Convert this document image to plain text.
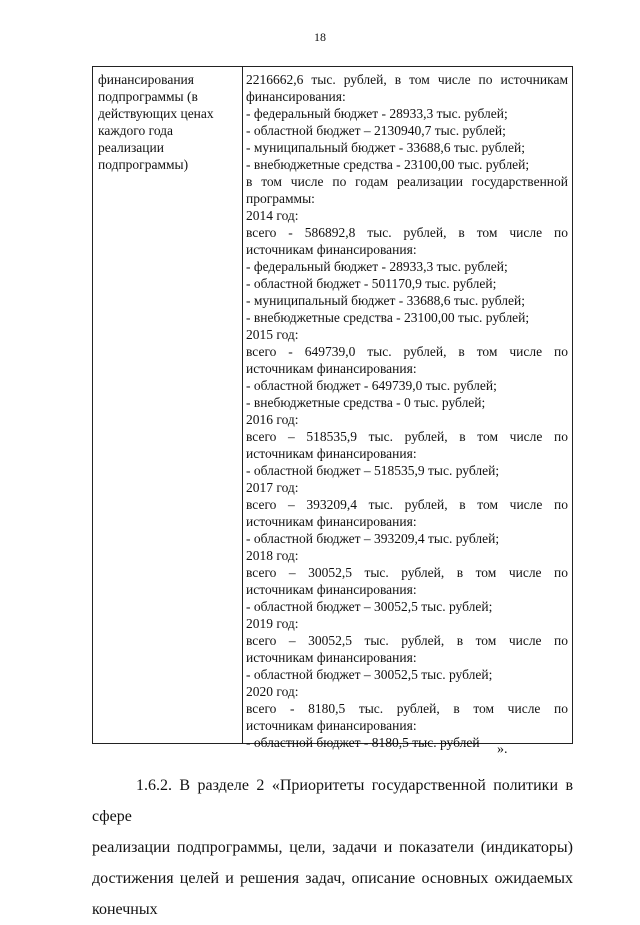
18
финансирования
подпрограммы (в
действующих ценах
каждого года
реализации
подпрограммы)
2216662,6 тыс. рублей, в том числе по источникам
финансирования:
- федеральный бюджет - 28933,3 тыс. рублей;
- областной бюджет – 2130940,7 тыс. рублей;
- муниципальный бюджет - 33688,6 тыс. рублей;
- внебюджетные средства - 23100,00 тыс. рублей;
в том числе по годам реализации государственной
программы:
2014 год:
всего - 586892,8 тыс. рублей, в том числе по
источникам финансирования:
- федеральный бюджет - 28933,3 тыс. рублей;
- областной бюджет - 501170,9 тыс. рублей;
- муниципальный бюджет - 33688,6 тыс. рублей;
- внебюджетные средства - 23100,00 тыс. рублей;
2015 год:
всего - 649739,0 тыс. рублей, в том числе по
источникам финансирования:
- областной бюджет - 649739,0 тыс. рублей;
- внебюджетные средства - 0 тыс. рублей;
2016 год:
всего – 518535,9 тыс. рублей, в том числе по
источникам финансирования:
- областной бюджет – 518535,9 тыс. рублей;
2017 год:
всего – 393209,4 тыс. рублей, в том числе по
источникам финансирования:
- областной бюджет – 393209,4 тыс. рублей;
2018 год:
всего – 30052,5 тыс. рублей, в том числе по
источникам финансирования:
- областной бюджет – 30052,5 тыс. рублей;
2019 год:
всего – 30052,5 тыс. рублей, в том числе по
источникам финансирования:
- областной бюджет – 30052,5 тыс. рублей;
2020 год:
всего - 8180,5 тыс. рублей, в том числе по
источникам финансирования:
- областной бюджет - 8180,5 тыс. рублей	».
1.6.2. В разделе 2 «Приоритеты государственной политики в сфере
реализации подпрограммы, цели, задачи и показатели (индикаторы)
достижения целей и решения задач, описание основных ожидаемых конечных
